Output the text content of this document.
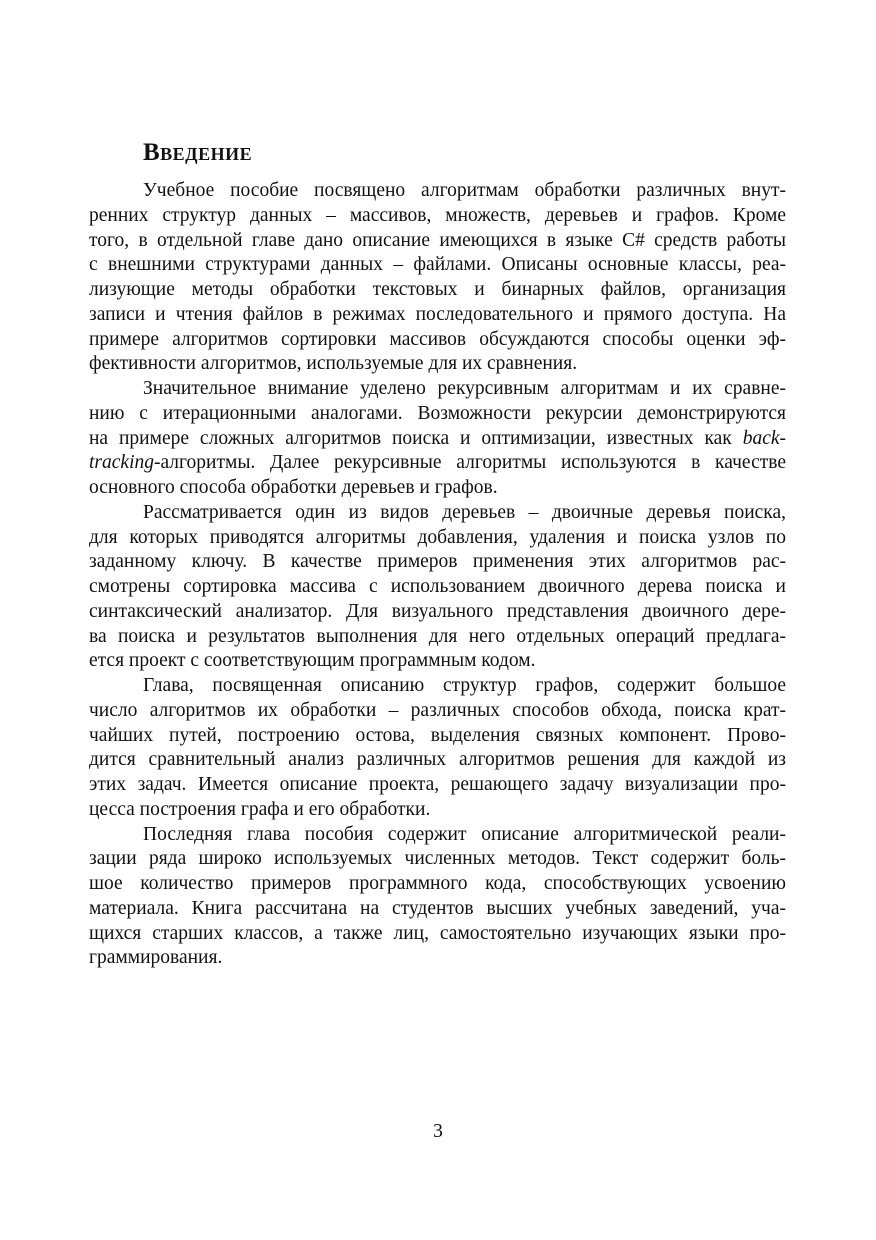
Введение
Учебное пособие посвящено алгоритмам обработки различных внут-
ренних структур данных – массивов, множеств, деревьев и графов. Кроме
того, в отдельной главе дано описание имеющихся в языке C# средств работы
с внешними структурами данных – файлами. Описаны основные классы, реа-
лизующие методы обработки текстовых и бинарных файлов, организация
записи и чтения файлов в режимах последовательного и прямого доступа. На
примере алгоритмов сортировки массивов обсуждаются способы оценки эф-
фективности алгоритмов, используемые для их сравнения.
Значительное внимание уделено рекурсивным алгоритмам и их сравне-
нию с итерационными аналогами. Возможности рекурсии демонстрируются
на примере сложных алгоритмов поиска и оптимизации, известных как back-
tracking-алгоритмы. Далее рекурсивные алгоритмы используются в качестве
основного способа обработки деревьев и графов.
Рассматривается один из видов деревьев – двоичные деревья поиска,
для которых приводятся алгоритмы добавления, удаления и поиска узлов по
заданному ключу. В качестве примеров применения этих алгоритмов рас-
смотрены сортировка массива с использованием двоичного дерева поиска и
синтаксический анализатор. Для визуального представления двоичного дере-
ва поиска и результатов выполнения для него отдельных операций предлага-
ется проект с соответствующим программным кодом.
Глава, посвященная описанию структур графов, содержит большое
число алгоритмов их обработки – различных способов обхода, поиска крат-
чайших путей, построению остова, выделения связных компонент. Прово-
дится сравнительный анализ различных алгоритмов решения для каждой из
этих задач. Имеется описание проекта, решающего задачу визуализации про-
цесса построения графа и его обработки.
Последняя глава пособия содержит описание алгоритмической реали-
зации ряда широко используемых численных методов. Текст содержит боль-
шое количество примеров программного кода, способствующих усвоению
материала. Книга рассчитана на студентов высших учебных заведений, уча-
щихся старших классов, а также лиц, самостоятельно изучающих языки про-
граммирования.
3
